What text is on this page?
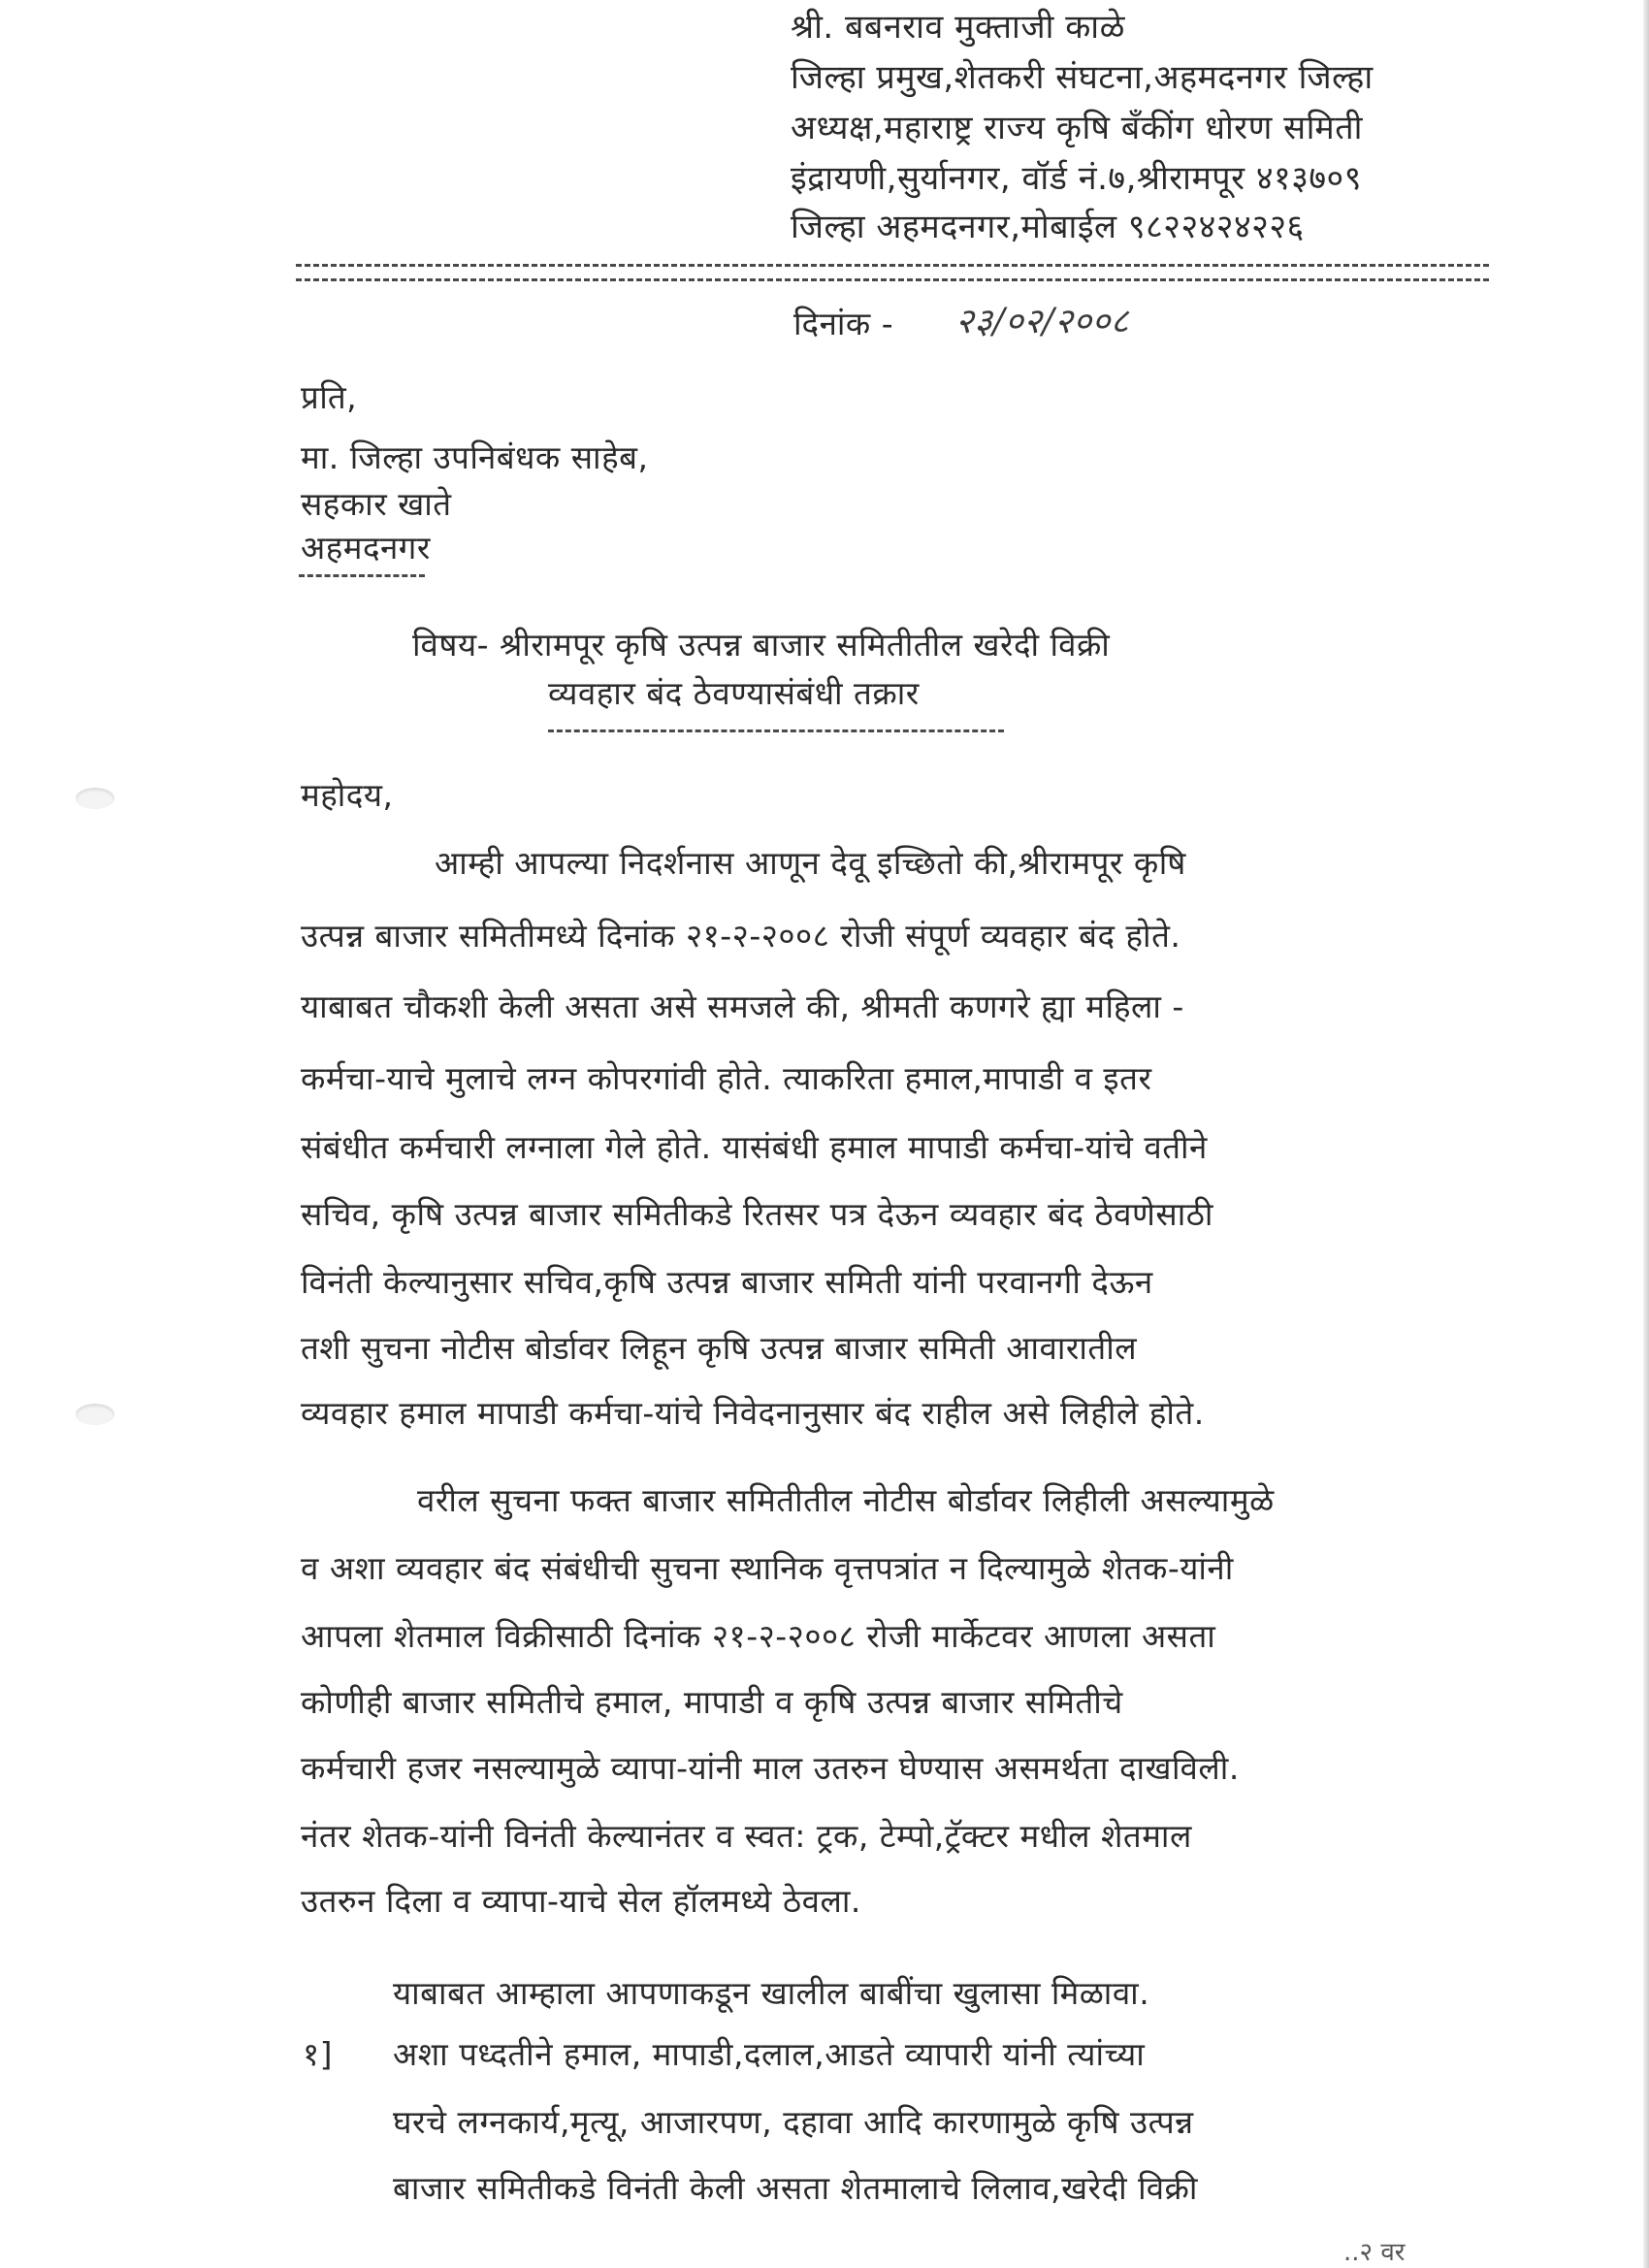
श्री. बबनराव मुक्ताजी काळे
जिल्हा प्रमुख,शेतकरी संघटना,अहमदनगर जिल्हा
अध्यक्ष,महाराष्ट्र राज्य कृषि बँकींग धोरण समिती
इंद्रायणी,सुर्यानगर, वॉर्ड नं.७,श्रीरामपूर ४१३७०९
जिल्हा अहमदनगर,मोबाईल ९८२२४२४२२६
दिनांक - २३/०२/२००८
प्रति,
मा. जिल्हा उपनिबंधक साहेब,
सहकार खाते
अहमदनगर
विषय- श्रीरामपूर कृषि उत्पन्न बाजार समितीतील खरेदी विक्री
व्यवहार बंद ठेवण्यासंबंधी तक्रार
महोदय,
आम्ही आपल्या निदर्शनास आणून देवू इच्छितो की,श्रीरामपूर कृषि
उत्पन्न बाजार समितीमध्ये दिनांक २१-२-२००८ रोजी संपूर्ण व्यवहार बंद होते.
याबाबत चौकशी केली असता असे समजले की, श्रीमती कणगरे ह्या महिला -
कर्मचा-याचे मुलाचे लग्न कोपरगांवी होते. त्याकरिता हमाल,मापाडी व इतर
संबंधीत कर्मचारी लग्नाला गेले होते. यासंबंधी हमाल मापाडी कर्मचा-यांचे वतीने
सचिव, कृषि उत्पन्न बाजार समितीकडे रितसर पत्र देऊन व्यवहार बंद ठेवणेसाठी
विनंती केल्यानुसार सचिव,कृषि उत्पन्न बाजार समिती यांनी परवानगी देऊन
तशी सुचना नोटीस बोर्डावर लिहून कृषि उत्पन्न बाजार समिती आवारातील
व्यवहार हमाल मापाडी कर्मचा-यांचे निवेदनानुसार बंद राहील असे लिहीले होते.
वरील सुचना फक्त बाजार समितीतील नोटीस बोर्डावर लिहीली असल्यामुळे
व अशा व्यवहार बंद संबंधीची सुचना स्थानिक वृत्तपत्रांत न दिल्यामुळे शेतक-यांनी
आपला शेतमाल विक्रीसाठी दिनांक २१-२-२००८ रोजी मार्केटवर आणला असता
कोणीही बाजार समितीचे हमाल, मापाडी व कृषि उत्पन्न बाजार समितीचे
कर्मचारी हजर नसल्यामुळे व्यापा-यांनी माल उतरुन घेण्यास असमर्थता दाखविली.
नंतर शेतक-यांनी विनंती केल्यानंतर व स्वत: ट्रक, टेम्पो,ट्रॅक्टर मधील शेतमाल
उतरुन दिला व व्यापा-याचे सेल हॉलमध्ये ठेवला.
याबाबत आम्हाला आपणाकडून खालील बाबींचा खुलासा मिळावा.
१] अशा पध्दतीने हमाल, मापाडी,दलाल,आडते व्यापारी यांनी त्यांच्या
घरचे लग्नकार्य,मृत्यू, आजारपण, दहावा आदि कारणामुळे कृषि उत्पन्न
बाजार समितीकडे विनंती केली असता शेतमालाचे लिलाव,खरेदी विक्री
..२ वर
